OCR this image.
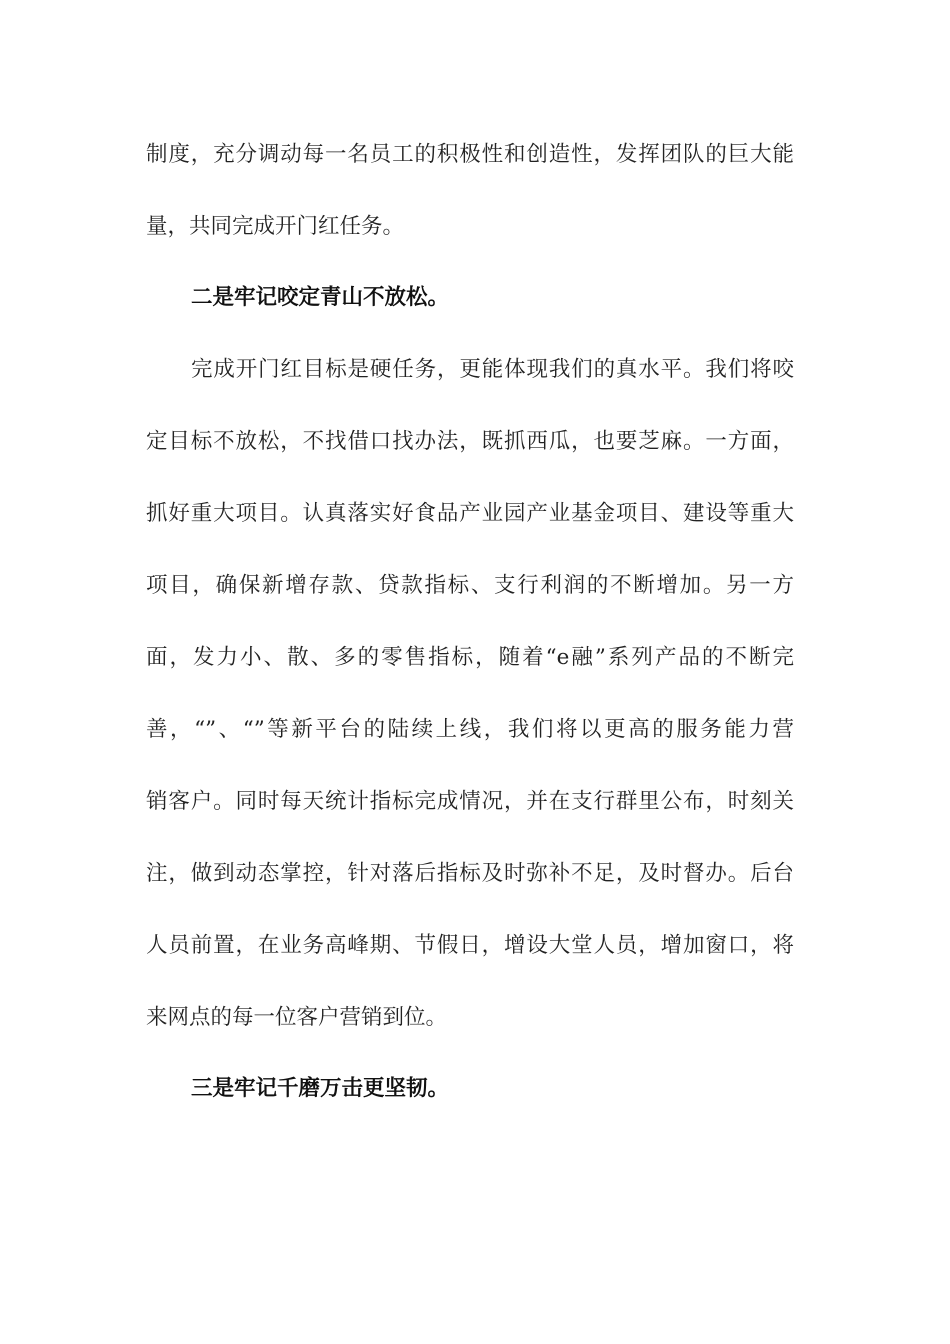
制度，充分调动每一名员工的积极性和创造性，发挥团队的巨大能
量，共同完成开门红任务。
二是牢记咬定青山不放松。
完成开门红目标是硬任务，更能体现我们的真水平。我们将咬
定目标不放松，不找借口找办法，既抓西瓜，也要芝麻。一方面，
抓好重大项目。认真落实好食品产业园产业基金项目、建设等重大
项目，确保新增存款、贷款指标、支行利润的不断增加。另一方
面，发力小、散、多的零售指标，随着“e融”系列产品的不断完
善，“”、“”等新平台的陆续上线，我们将以更高的服务能力营
销客户。同时每天统计指标完成情况，并在支行群里公布，时刻关
注，做到动态掌控，针对落后指标及时弥补不足，及时督办。后台
人员前置，在业务高峰期、节假日，增设大堂人员，增加窗口，将
来网点的每一位客户营销到位。
三是牢记千磨万击更坚韧。
